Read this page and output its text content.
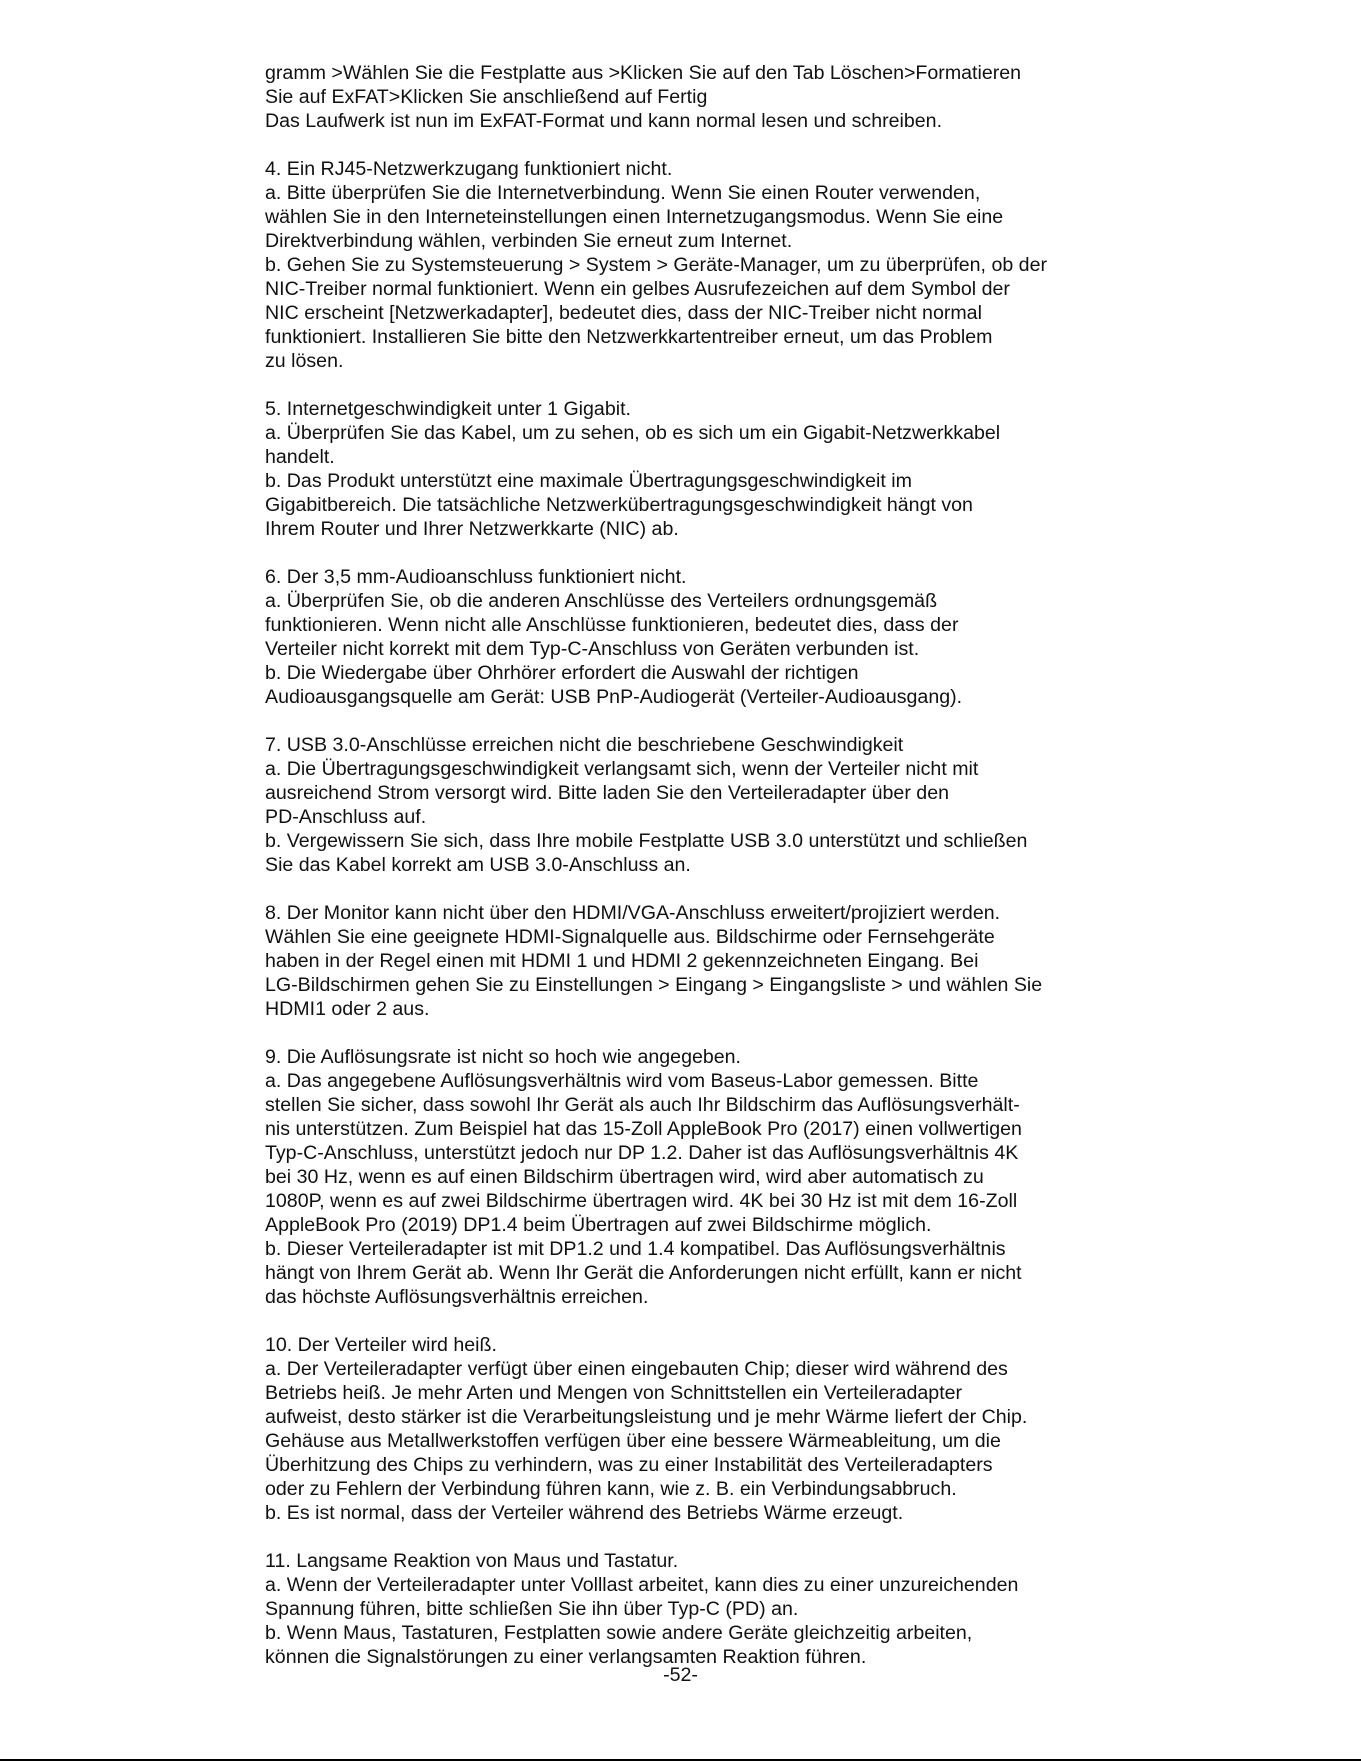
gramm >Wählen Sie die Festplatte aus >Klicken Sie auf den Tab Löschen>Formatieren
Sie auf ExFAT>Klicken Sie anschließend auf Fertig
Das Laufwerk ist nun im ExFAT-Format und kann normal lesen und schreiben.
4. Ein RJ45-Netzwerkzugang funktioniert nicht.
a. Bitte überprüfen Sie die Internetverbindung. Wenn Sie einen Router verwenden,
wählen Sie in den Interneteinstellungen einen Internetzugangsmodus. Wenn Sie eine
Direktverbindung wählen, verbinden Sie erneut zum Internet.
b. Gehen Sie zu Systemsteuerung > System > Geräte-Manager, um zu überprüfen, ob der
NIC-Treiber normal funktioniert. Wenn ein gelbes Ausrufezeichen auf dem Symbol der
NIC erscheint [Netzwerkadapter], bedeutet dies, dass der NIC-Treiber nicht normal
funktioniert. Installieren Sie bitte den Netzwerkkartentreiber erneut, um das Problem
zu lösen.
5. Internetgeschwindigkeit unter 1 Gigabit.
a. Überprüfen Sie das Kabel, um zu sehen, ob es sich um ein Gigabit-Netzwerkkabel
handelt.
b. Das Produkt unterstützt eine maximale Übertragungsgeschwindigkeit im
Gigabitbereich. Die tatsächliche Netzwerkübertragungsgeschwindigkeit hängt von
Ihrem Router und Ihrer Netzwerkkarte (NIC) ab.
6. Der 3,5 mm-Audioanschluss funktioniert nicht.
a. Überprüfen Sie, ob die anderen Anschlüsse des Verteilers ordnungsgemäß
funktionieren. Wenn nicht alle Anschlüsse funktionieren, bedeutet dies, dass der
Verteiler nicht korrekt mit dem Typ-C-Anschluss von Geräten verbunden ist.
b. Die Wiedergabe über Ohrhörer erfordert die Auswahl der richtigen
Audioausgangsquelle am Gerät: USB PnP-Audiogerät (Verteiler-Audioausgang).
7. USB 3.0-Anschlüsse erreichen nicht die beschriebene Geschwindigkeit
a. Die Übertragungsgeschwindigkeit verlangsamt sich, wenn der Verteiler nicht mit
ausreichend Strom versorgt wird. Bitte laden Sie den Verteileradapter über den
PD-Anschluss auf.
b. Vergewissern Sie sich, dass Ihre mobile Festplatte USB 3.0 unterstützt und schließen
Sie das Kabel korrekt am USB 3.0-Anschluss an.
8. Der Monitor kann nicht über den HDMI/VGA-Anschluss erweitert/projiziert werden.
Wählen Sie eine geeignete HDMI-Signalquelle aus. Bildschirme oder Fernsehgeräte
haben in der Regel einen mit HDMI 1 und HDMI 2 gekennzeichneten Eingang. Bei
LG-Bildschirmen gehen Sie zu Einstellungen > Eingang > Eingangsliste > und wählen Sie
HDMI1 oder 2 aus.
9. Die Auflösungsrate ist nicht so hoch wie angegeben.
a. Das angegebene Auflösungsverhältnis wird vom Baseus-Labor gemessen. Bitte
stellen Sie sicher, dass sowohl Ihr Gerät als auch Ihr Bildschirm das Auflösungsverhält-
nis unterstützen. Zum Beispiel hat das 15-Zoll AppleBook Pro (2017) einen vollwertigen
Typ-C-Anschluss, unterstützt jedoch nur DP 1.2. Daher ist das Auflösungsverhältnis 4K
bei 30 Hz, wenn es auf einen Bildschirm übertragen wird, wird aber automatisch zu
1080P, wenn es auf zwei Bildschirme übertragen wird. 4K bei 30 Hz ist mit dem 16-Zoll
AppleBook Pro (2019) DP1.4 beim Übertragen auf zwei Bildschirme möglich.
b. Dieser Verteileradapter ist mit DP1.2 und 1.4 kompatibel. Das Auflösungsverhältnis
hängt von Ihrem Gerät ab. Wenn Ihr Gerät die Anforderungen nicht erfüllt, kann er nicht
das höchste Auflösungsverhältnis erreichen.
10. Der Verteiler wird heiß.
a. Der Verteileradapter verfügt über einen eingebauten Chip; dieser wird während des
Betriebs heiß. Je mehr Arten und Mengen von Schnittstellen ein Verteileradapter
aufweist, desto stärker ist die Verarbeitungsleistung und je mehr Wärme liefert der Chip.
Gehäuse aus Metallwerkstoffen verfügen über eine bessere Wärmeableitung, um die
Überhitzung des Chips zu verhindern, was zu einer Instabilität des Verteileradapters
oder zu Fehlern der Verbindung führen kann, wie z. B. ein Verbindungsabbruch.
b. Es ist normal, dass der Verteiler während des Betriebs Wärme erzeugt.
11. Langsame Reaktion von Maus und Tastatur.
a. Wenn der Verteileradapter unter Volllast arbeitet, kann dies zu einer unzureichenden
Spannung führen, bitte schließen Sie ihn über Typ-C (PD) an.
b. Wenn Maus, Tastaturen, Festplatten sowie andere Geräte gleichzeitig arbeiten,
können die Signalstörungen zu einer verlangsamten Reaktion führen.
-52-
